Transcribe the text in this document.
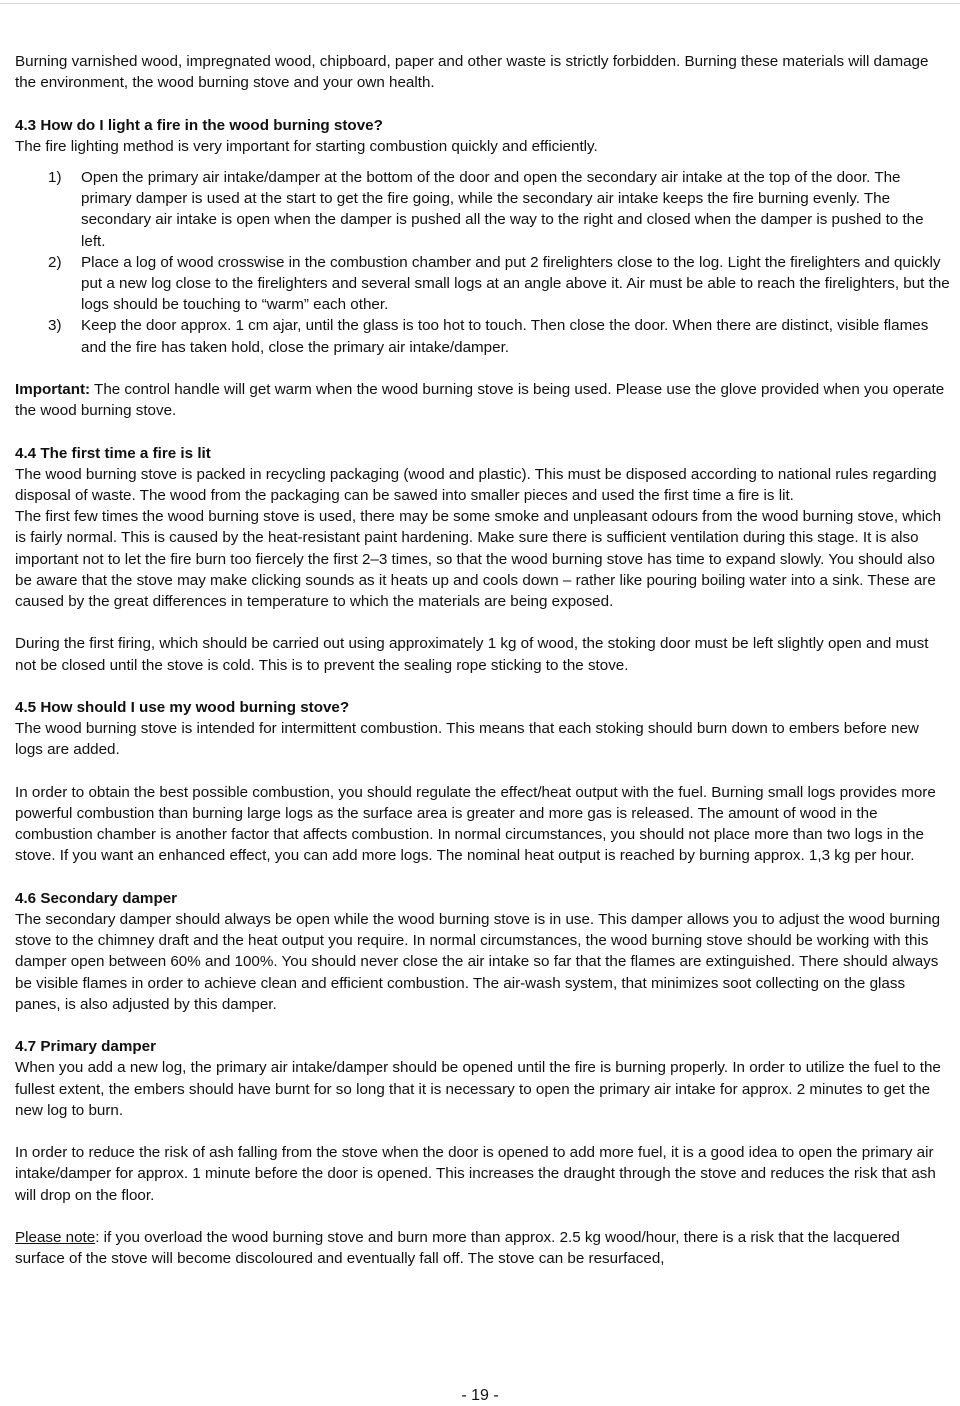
Burning varnished wood, impregnated wood, chipboard, paper and other waste is strictly forbidden. Burning these materials will damage the environment, the wood burning stove and your own health.

4.3 How do I light a fire in the wood burning stove?

The fire lighting method is very important for starting combustion quickly and efficiently.

1) Open the primary air intake/damper at the bottom of the door and open the secondary air intake at the top of the door. The primary damper is used at the start to get the fire going, while the secondary air intake keeps the fire burning evenly. The secondary air intake is open when the damper is pushed all the way to the right and closed when the damper is pushed to the left.
2) Place a log of wood crosswise in the combustion chamber and put 2 firelighters close to the log. Light the firelighters and quickly put a new log close to the firelighters and several small logs at an angle above it. Air must be able to reach the firelighters, but the logs should be touching to “warm” each other.
3) Keep the door approx. 1 cm ajar, until the glass is too hot to touch. Then close the door. When there are distinct, visible flames and the fire has taken hold, close the primary air intake/damper.

Important: The control handle will get warm when the wood burning stove is being used. Please use the glove provided when you operate the wood burning stove.

4.4 The first time a fire is lit

The wood burning stove is packed in recycling packaging (wood and plastic). This must be disposed according to national rules regarding disposal of waste. The wood from the packaging can be sawed into smaller pieces and used the first time a fire is lit.

The first few times the wood burning stove is used, there may be some smoke and unpleasant odours from the wood burning stove, which is fairly normal. This is caused by the heat-resistant paint hardening. Make sure there is sufficient ventilation during this stage. It is also important not to let the fire burn too fiercely the first 2–3 times, so that the wood burning stove has time to expand slowly. You should also be aware that the stove may make clicking sounds as it heats up and cools down – rather like pouring boiling water into a sink. These are caused by the great differences in temperature to which the materials are being exposed.

During the first firing, which should be carried out using approximately 1 kg of wood, the stoking door must be left slightly open and must not be closed until the stove is cold. This is to prevent the sealing rope sticking to the stove.

4.5 How should I use my wood burning stove?

The wood burning stove is intended for intermittent combustion. This means that each stoking should burn down to embers before new logs are added.

In order to obtain the best possible combustion, you should regulate the effect/heat output with the fuel. Burning small logs provides more powerful combustion than burning large logs as the surface area is greater and more gas is released. The amount of wood in the combustion chamber is another factor that affects combustion. In normal circumstances, you should not place more than two logs in the stove. If you want an enhanced effect, you can add more logs. The nominal heat output is reached by burning approx. 1,3 kg per hour.

4.6 Secondary damper

The secondary damper should always be open while the wood burning stove is in use. This damper allows you to adjust the wood burning stove to the chimney draft and the heat output you require. In normal circumstances, the wood burning stove should be working with this damper open between 60% and 100%. You should never close the air intake so far that the flames are extinguished. There should always be visible flames in order to achieve clean and efficient combustion. The air-wash system, that minimizes soot collecting on the glass panes, is also adjusted by this damper.

4.7 Primary damper

When you add a new log, the primary air intake/damper should be opened until the fire is burning properly. In order to utilize the fuel to the fullest extent, the embers should have burnt for so long that it is necessary to open the primary air intake for approx. 2 minutes to get the new log to burn.

In order to reduce the risk of ash falling from the stove when the door is opened to add more fuel, it is a good idea to open the primary air intake/damper for approx. 1 minute before the door is opened. This increases the draught through the stove and reduces the risk that ash will drop on the floor.

Please note: if you overload the wood burning stove and burn more than approx. 2.5 kg wood/hour, there is a risk that the lacquered surface of the stove will become discoloured and eventually fall off. The stove can be resurfaced,

- 19 -
